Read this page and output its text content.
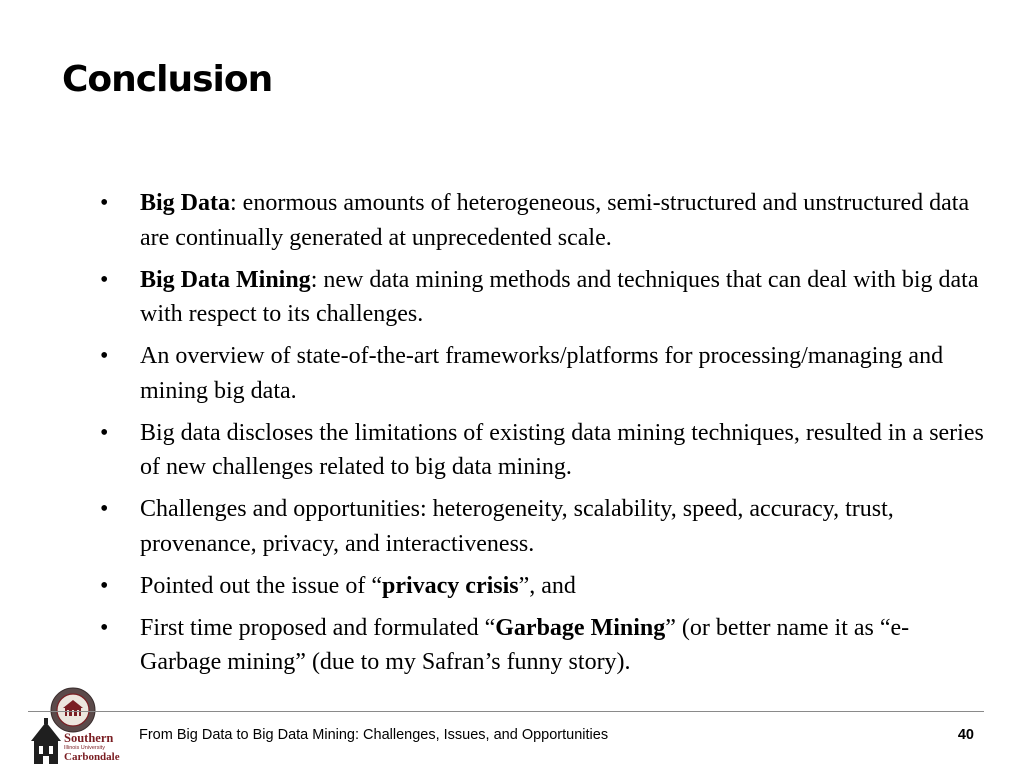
Conclusion
• Big Data: enormous amounts of heterogeneous, semi-structured and unstructured data are continually generated at unprecedented scale.
• Big Data Mining: new data mining methods and techniques that can deal with big data with respect to its challenges.
• An overview of state-of-the-art frameworks/platforms for processing/managing and mining big data.
• Big data discloses the limitations of existing data mining techniques, resulted in a series of new challenges related to big data mining.
• Challenges and opportunities: heterogeneity, scalability, speed, accuracy, trust, provenance, privacy, and interactiveness.
• Pointed out the issue of “privacy crisis”, and
• First time proposed and formulated “Garbage Mining” (or better name it as “e-Garbage mining” (due to my Safran’s funny story).
Southern
Illinois University
Carbondale
From Big Data to Big Data Mining: Challenges, Issues, and Opportunities	40
